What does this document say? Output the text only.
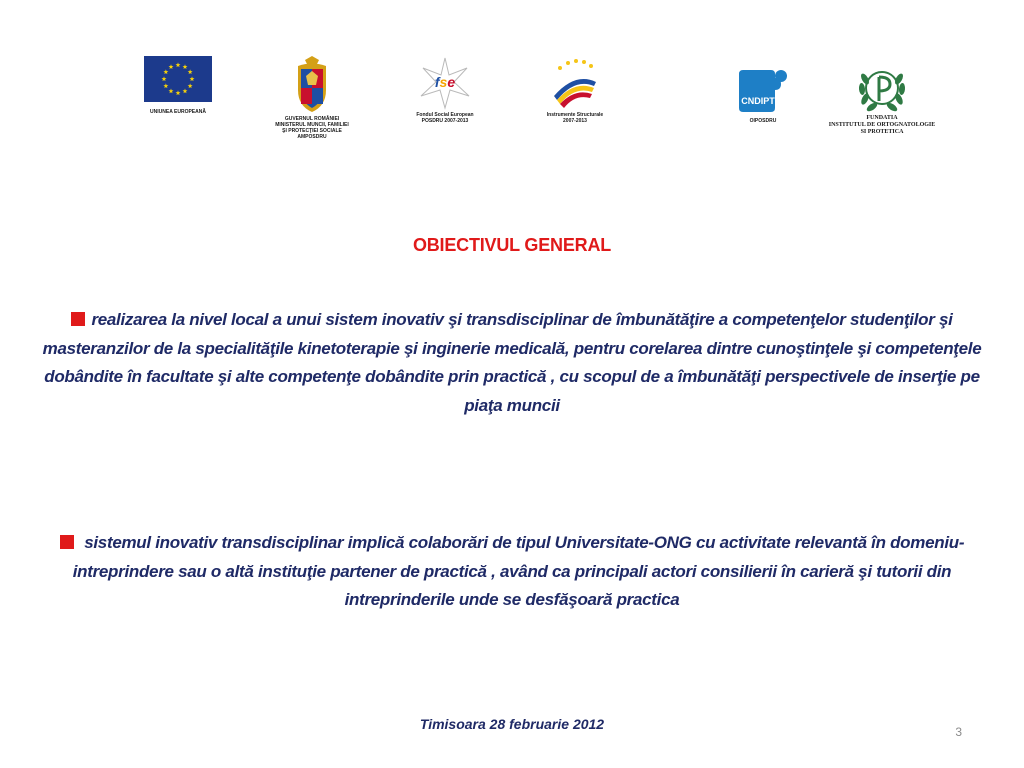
UNIUNEA EUROPEANĂ
GUVERNUL ROMÂNIEI
MINISTERUL MUNCII, FAMILIEI
ŞI PROTECŢIEI SOCIALE
AMPOSDRU
fse
Fondul Social European
POSDRU 2007-2013
Instrumente Structurale
2007-2013
CNDIPT
OIPOSDRU	FUNDATIA
INSTITUTUL DE ORTOGNATOLOGIE
SI PROTETICA
OBIECTIVUL GENERAL
realizarea la nivel local a unui sistem inovativ şi transdisciplinar de îmbunătăţire a competenţelor studenţilor şi masteranzilor de la specialităţile kinetoterapie şi inginerie medicală, pentru corelarea dintre cunoştinţele şi competenţele dobândite în facultate şi alte competenţe dobândite prin practică , cu scopul de a îmbunătăţi perspectivele de inserţie pe piaţa muncii
sistemul inovativ transdisciplinar implică colaborări de tipul Universitate-ONG cu activitate relevantă în domeniu-intreprindere sau o altă instituţie partener de practică , având ca principali actori consilierii în carieră şi tutorii din intreprinderile unde se desfăşoară practica
Timisoara 28 februarie 2012	3
